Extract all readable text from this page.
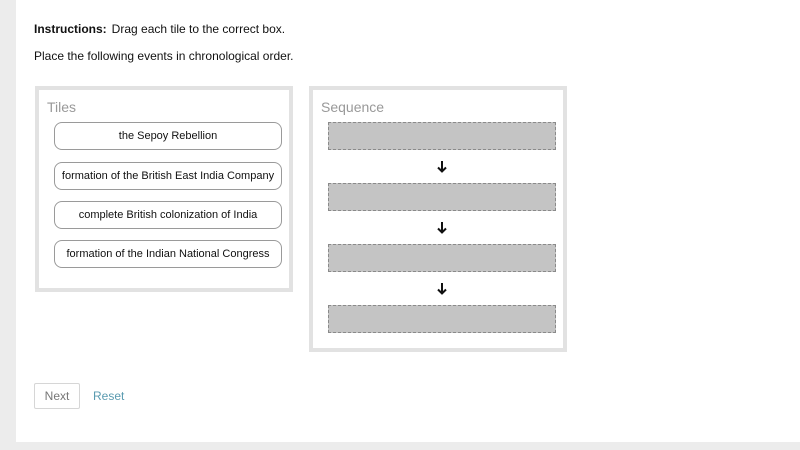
Instructions: Drag each tile to the correct box.
Place the following events in chronological order.
Tiles
the Sepoy Rebellion
formation of the British East India Company
complete British colonization of India
formation of the Indian National Congress
Sequence
Next	Reset
